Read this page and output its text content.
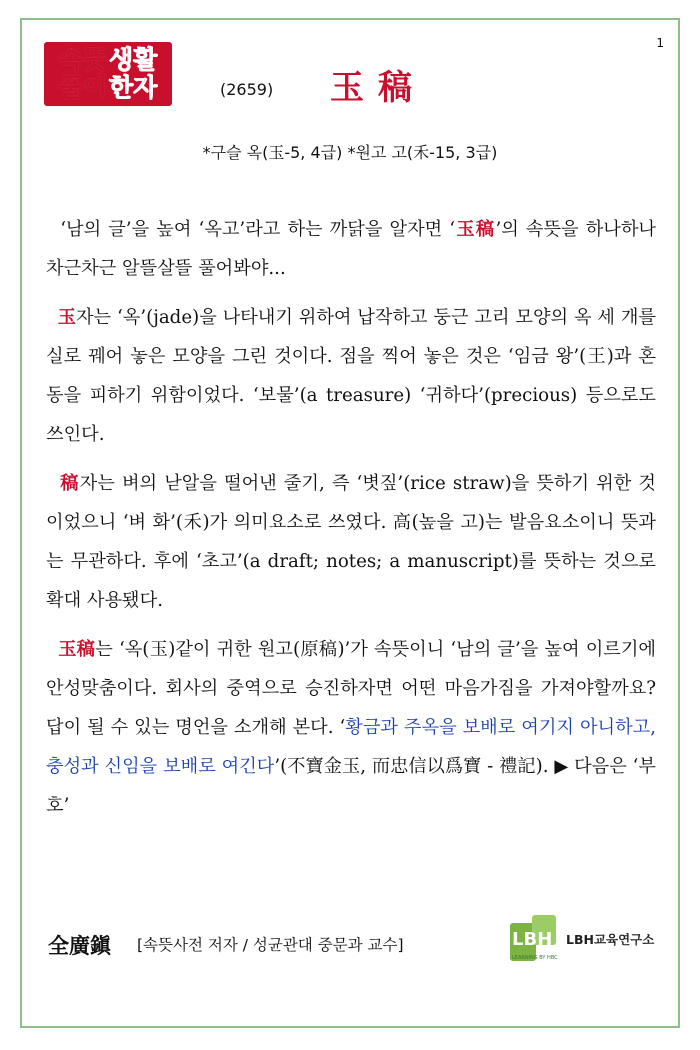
1
속뜻
풀이
생활
한자	(2659) 玉稿
*구슬 옥(玉-5, 4급) *원고 고(禾-15, 3급)

‘남의 글’을 높여 ‘옥고’라고 하는 까닭을 알자면 ‘玉稿’의 속뜻을 하나하나 차근차근 알뜰살뜰 풀어봐야...

玉자는 ‘옥’(jade)을 나타내기 위하여 납작하고 둥근 고리 모양의 옥 세 개를 실로 꿰어 놓은 모양을 그린 것이다. 점을 찍어 놓은 것은 ‘임금 왕’(王)과 혼동을 피하기 위함이었다. ‘보물’(a treasure) ‘귀하다’(precious) 등으로도 쓰인다.

稿자는 벼의 낟알을 떨어낸 줄기, 즉 ‘볏짚’(rice straw)을 뜻하기 위한 것이었으니 ‘벼 화’(禾)가 의미요소로 쓰였다. 高(높을 고)는 발음요소이니 뜻과는 무관하다. 후에 ‘초고’(a draft; notes; a manuscript)를 뜻하는 것으로 확대 사용됐다.

玉稿는 ‘옥(玉)같이 귀한 원고(原稿)’가 속뜻이니 ‘남의 글’을 높여 이르기에 안성맞춤이다. 회사의 중역으로 승진하자면 어떤 마음가짐을 가져야할까요? 답이 될 수 있는 명언을 소개해 본다. ‘황금과 주옥을 보배로 여기지 아니하고, 충성과 신임을 보배로 여긴다’(不寶金玉, 而忠信以爲寶 - 禮記). ▶ 다음은 ‘부호’

全廣鎭 [속뜻사전 저자 / 성균관대 중문과 교수]	LBH
LEARNING BY HBC
LBH교육연구소
